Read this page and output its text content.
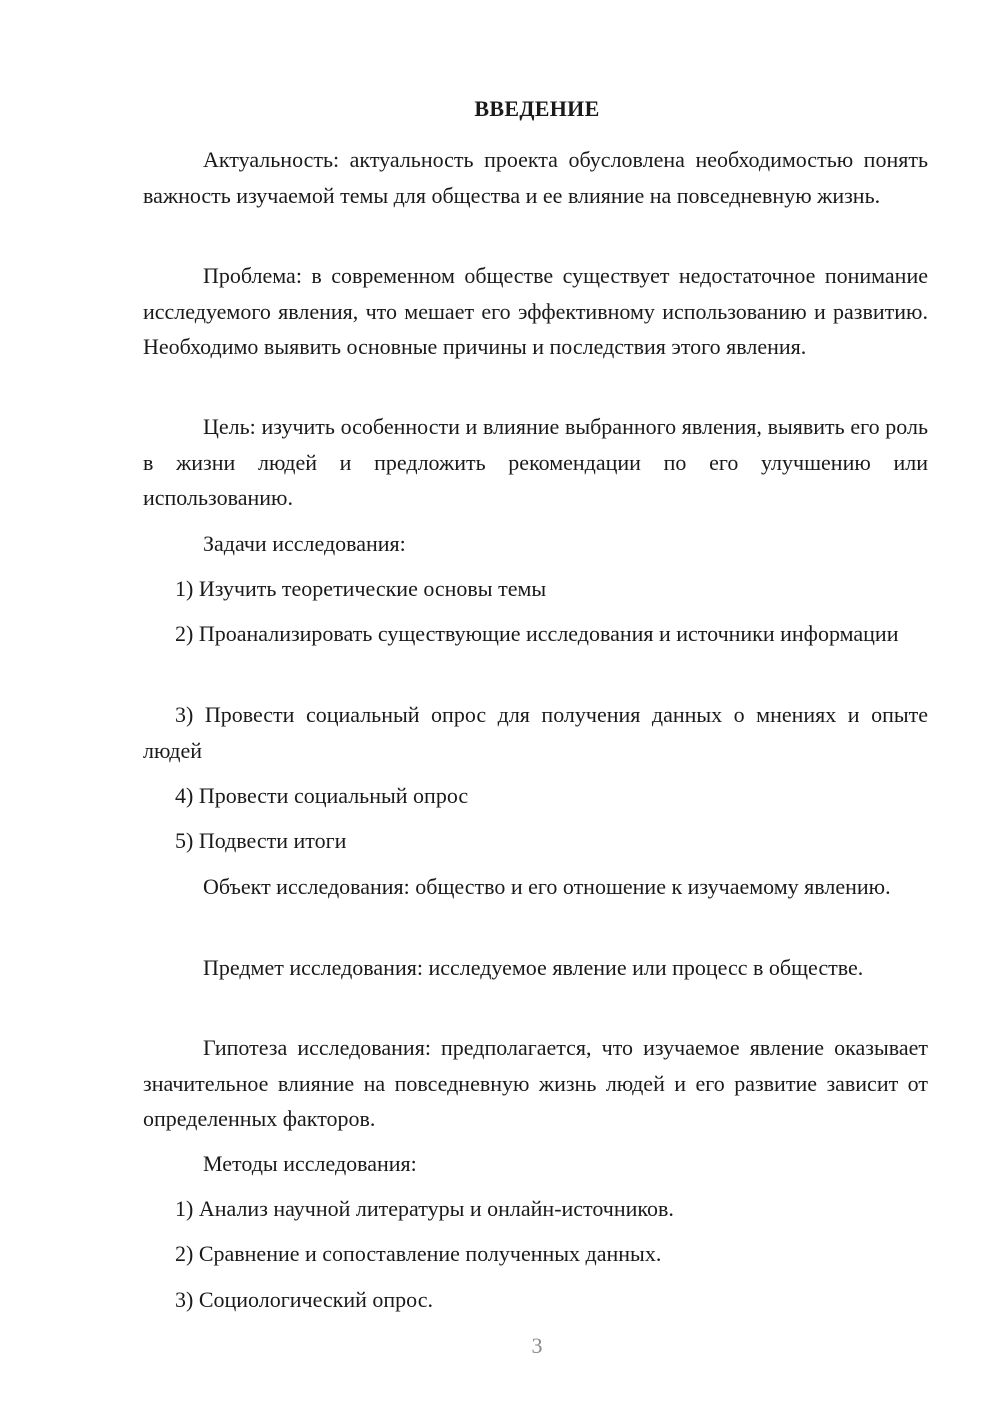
ВВЕДЕНИЕ

Актуальность: актуальность проекта обусловлена необходимостью понять важность изучаемой темы для общества и ее влияние на повседневную жизнь.

Проблема: в современном обществе существует недостаточное понимание исследуемого явления, что мешает его эффективному использованию и развитию. Необходимо выявить основные причины и последствия этого явления.

Цель: изучить особенности и влияние выбранного явления, выявить его роль в жизни людей и предложить рекомендации по его улучшению или использованию.

Задачи исследования:

1) Изучить теоретические основы темы

2) Проанализировать существующие исследования и источники информации

3) Провести социальный опрос для получения данных о мнениях и опыте людей

4) Провести социальный опрос

5) Подвести итоги

Объект исследования: общество и его отношение к изучаемому явлению.

Предмет исследования: исследуемое явление или процесс в обществе.

Гипотеза исследования: предполагается, что изучаемое явление оказывает значительное влияние на повседневную жизнь людей и его развитие зависит от определенных факторов.

Методы исследования:

1) Анализ научной литературы и онлайн-источников.

2) Сравнение и сопоставление полученных данных.

3) Социологический опрос.

3
